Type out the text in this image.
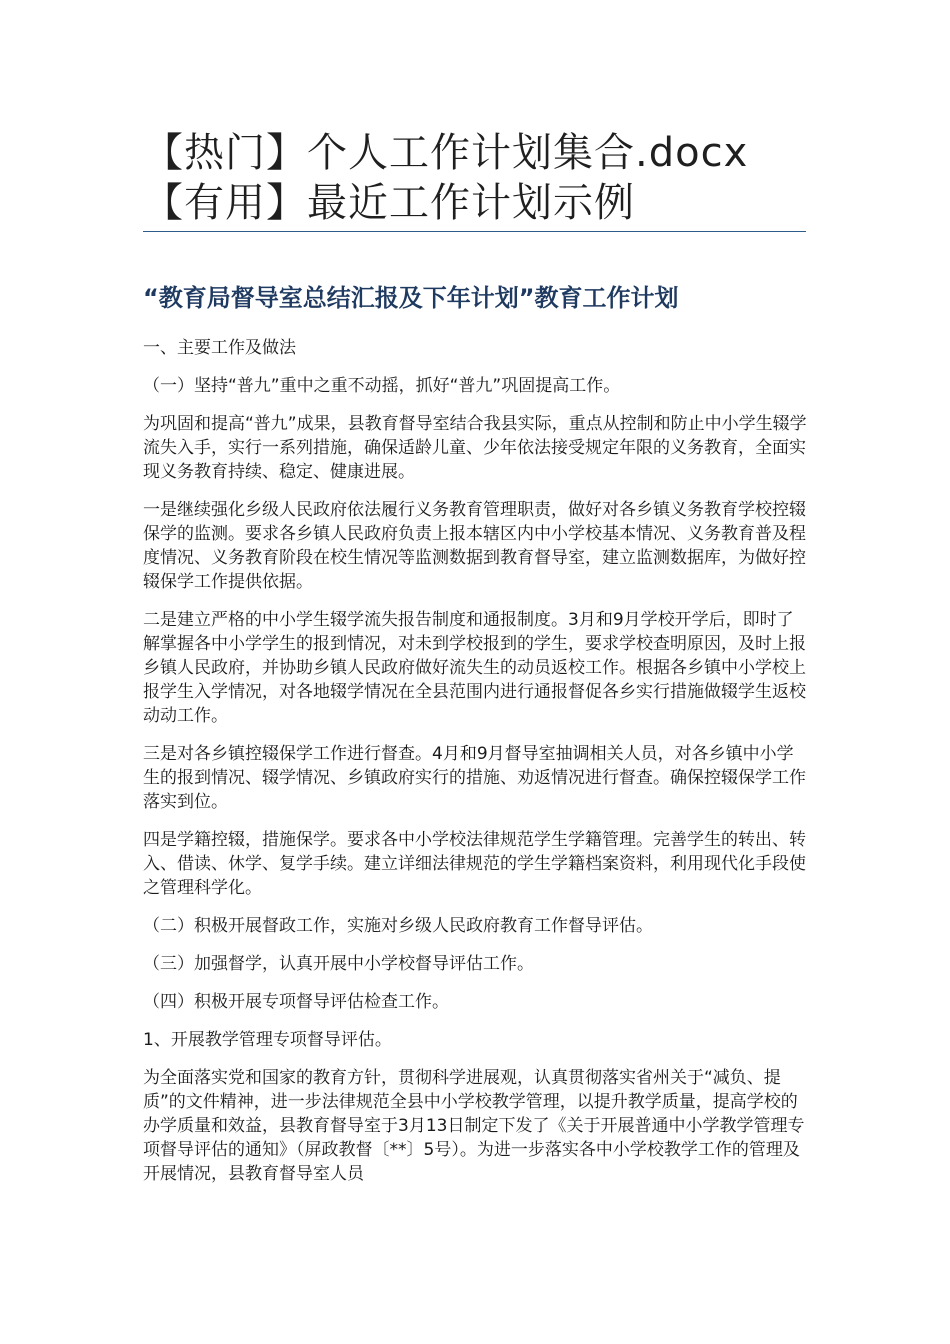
【热门】个人工作计划集合.docx【有用】最近工作计划示例
“教育局督导室总结汇报及下年计划”教育工作计划

一、主要工作及做法

（一）坚持“普九”重中之重不动摇，抓好“普九”巩固提高工作。

为巩固和提高“普九”成果，县教育督导室结合我县实际，重点从控制和防止中小学生辍学流失入手，实行一系列措施，确保适龄儿童、少年依法接受规定年限的义务教育，全面实现义务教育持续、稳定、健康进展。

一是继续强化乡级人民政府依法履行义务教育管理职责，做好对各乡镇义务教育学校控辍保学的监测。要求各乡镇人民政府负责上报本辖区内中小学校基本情况、义务教育普及程度情况、义务教育阶段在校生情况等监测数据到教育督导室，建立监测数据库，为做好控辍保学工作提供依据。

二是建立严格的中小学生辍学流失报告制度和通报制度。3月和9月学校开学后，即时了解掌握各中小学学生的报到情况，对未到学校报到的学生，要求学校查明原因，及时上报乡镇人民政府，并协助乡镇人民政府做好流失生的动员返校工作。根据各乡镇中小学校上报学生入学情况，对各地辍学情况在全县范围内进行通报督促各乡实行措施做辍学生返校动动工作。

三是对各乡镇控辍保学工作进行督查。4月和9月督导室抽调相关人员，对各乡镇中小学生的报到情况、辍学情况、乡镇政府实行的措施、劝返情况进行督查。确保控辍保学工作落实到位。

四是学籍控辍，措施保学。要求各中小学校法律规范学生学籍管理。完善学生的转出、转入、借读、休学、复学手续。建立详细法律规范的学生学籍档案资料，利用现代化手段使之管理科学化。

（二）积极开展督政工作，实施对乡级人民政府教育工作督导评估。

（三）加强督学，认真开展中小学校督导评估工作。

（四）积极开展专项督导评估检查工作。

1、开展教学管理专项督导评估。

为全面落实党和国家的教育方针，贯彻科学进展观，认真贯彻落实省州关于“减负、提质”的文件精神，进一步法律规范全县中小学校教学管理，以提升教学质量，提高学校的办学质量和效益，县教育督导室于3月13日制定下发了《关于开展普通中小学教学管理专项督导评估的通知》（屏政教督〔**〕5号）。为进一步落实各中小学校教学工作的管理及开展情况，县教育督导室人员
